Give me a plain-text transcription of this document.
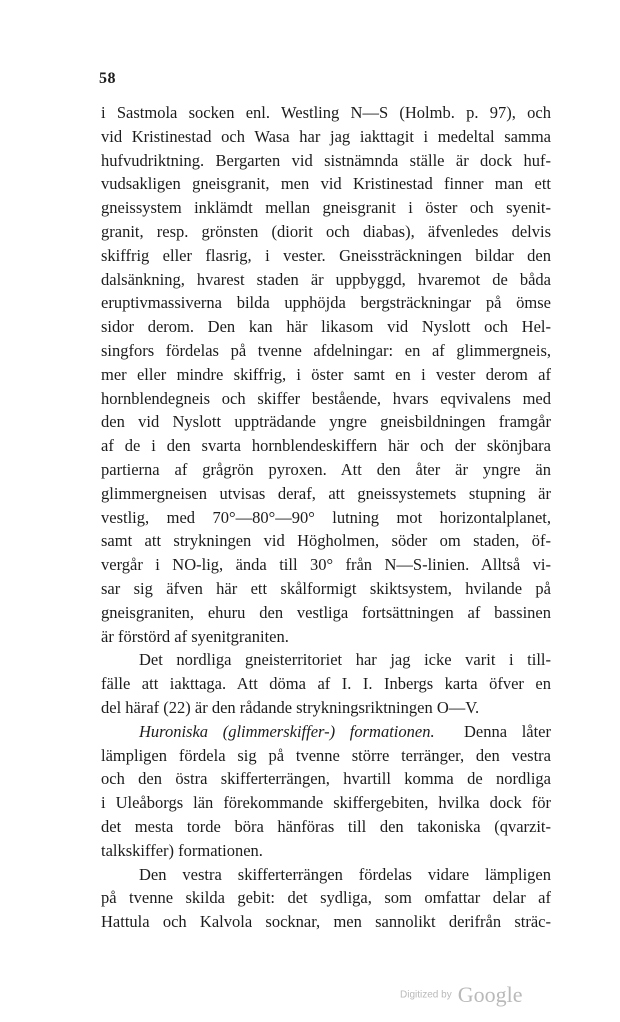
58
i Sastmola socken enl. Westling N—S (Holmb. p. 97), och
vid Kristinestad och Wasa har jag iakttagit i medeltal samma
hufvudriktning. Bergarten vid sistnämnda ställe är dock huf-
vudsakligen gneisgranit, men vid Kristinestad finner man ett
gneissystem inklämdt mellan gneisgranit i öster och syenit-
granit, resp. grönsten (diorit och diabas), äfvenledes delvis
skiffrig eller flasrig, i vester. Gneissträckningen bildar den
dalsänkning, hvarest staden är uppbyggd, hvaremot de båda
eruptivmassiverna bilda upphöjda bergsträckningar på ömse
sidor derom. Den kan här likasom vid Nyslott och Hel-
singfors fördelas på tvenne afdelningar: en af glimmergneis,
mer eller mindre skiffrig, i öster samt en i vester derom af
hornblendegneis och skiffer bestående, hvars eqvivalens med
den vid Nyslott uppträdande yngre gneisbildningen framgår
af de i den svarta hornblendeskiffern här och der skönjbara
partierna af grågrön pyroxen. Att den åter är yngre än
glimmergneisen utvisas deraf, att gneissystemets stupning är
vestlig, med 70°—80°—90° lutning mot horizontalplanet,
samt att strykningen vid Högholmen, söder om staden, öf-
vergår i NO-lig, ända till 30° från N—S-linien. Alltså vi-
sar sig äfven här ett skålformigt skiktsystem, hvilande på
gneisgraniten, ehuru den vestliga fortsättningen af bassinen
är förstörd af syenitgraniten.
Det nordliga gneisterritoriet har jag icke varit i till-
fälle att iakttaga. Att döma af I. I. Inbergs karta öfver en
del häraf (22) är den rådande strykningsriktningen O—V.
Huroniska (glimmerskiffer-) formationen. Denna låter
lämpligen fördela sig på tvenne större terränger, den vestra
och den östra skifferterrängen, hvartill komma de nordliga
i Uleåborgs län förekommande skiffergebiten, hvilka dock för
det mesta torde böra hänföras till den takoniska (qvarzit-
talkskiffer) formationen.
Den vestra skifferterrängen fördelas vidare lämpligen
på tvenne skilda gebit: det sydliga, som omfattar delar af
Hattula och Kalvola socknar, men sannolikt derifrån sträc-
Digitized by Google
